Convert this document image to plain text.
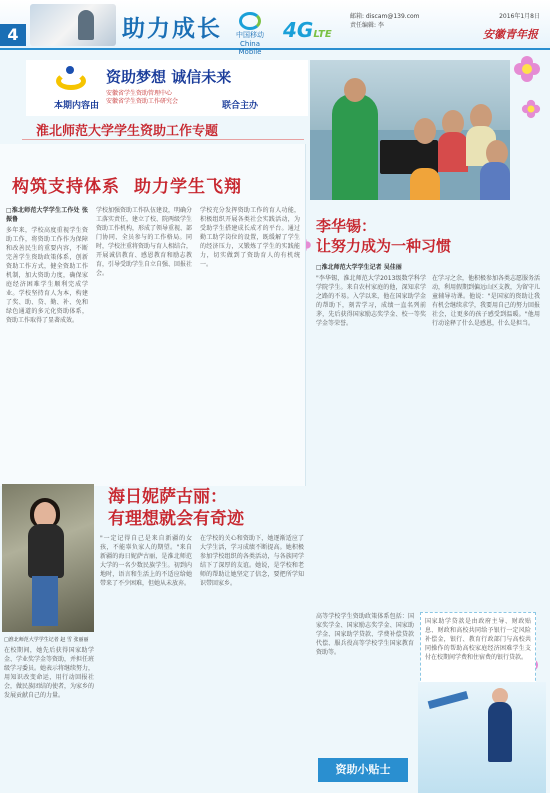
4	助力成长	中国移动
China Mobile
4GLTE
邮箱: discam@139.com	2016年1月8日
责任编辑: 李
安徽青年报
资助梦想 诚信未来
本期内容由
安徽省学生资助管理中心
安徽省学生资助工作研究会	联合主办
淮北师范大学学生资助工作专题
构筑支持体系 助力学生飞翔
□淮北师范大学学生工作处 张振鲁
多年来，学校高度重视学生资助工作，将资助工作作为保障和改善民生的重要内容，不断完善学生资助政策体系，创新资助工作方式，健全资助工作机制，加大资助力度，确保家庭经济困难学生顺利完成学业。学校坚持育人为本，构建了奖、助、贷、勤、补、免和绿色通道的多元化资助体系，资助工作取得了显著成效。
学校加强资助工作队伍建设，明确分工落实责任，建立了校、院两级学生资助工作机构，形成了领导重视、部门协同、全员参与的工作格局。同时，学校注重将资助与育人相结合，开展诚信教育、感恩教育和励志教育，引导受助学生自立自强、回报社会。
学校充分发挥资助工作的育人功能，积极组织开展各类社会实践活动，为受助学生搭建成长成才的平台。通过勤工助学岗位的设置，既缓解了学生的经济压力，又锻炼了学生的实践能力，切实做到了资助育人的有机统一。
李华锡：
让努力成为一种习惯
□淮北师范大学学生记者 吴佳丽
"李华锡，淮北师范大学2013级数学科学学院学生。来自农村家庭的他，深知求学之路的不易。入学以来，他在国家助学金的帮助下，刻苦学习，成绩一直名列前茅，先后获得国家励志奖学金、校一等奖学金等荣誉。
在学习之余，他积极参加各类志愿服务活动，利用假期到偏远山区支教，为留守儿童辅导功课。他说："是国家的资助让我有机会继续求学，我要用自己的努力回报社会，让更多的孩子感受到温暖。"他用行动诠释了什么是感恩，什么是担当。
□淮北师范大学学生记者 赵 雪 张丽丽
海日妮萨古丽：
有理想就会有奇迹
"一定记得自己是来自新疆的女孩，不能辜负家人的期望。"来自新疆的海日妮萨古丽，是淮北师范大学的一名少数民族学生。初到内地时，语言和生活上的不适应给她带来了不少困难，但她从未放弃。
在校期间，她先后获得国家助学金、学业奖学金等资助，并担任班级学习委员。她表示将继续努力，用知识改变命运，用行动回报社会，做民族团结的使者，为家乡的发展贡献自己的力量。
在学校的关心和资助下，她逐渐适应了大学生活，学习成绩不断提高。她积极参加学校组织的各类活动，与各族同学结下了深厚的友谊。她说，是学校和老师的帮助让她坚定了信念，要把所学知识带回家乡。
高等学校学生资助政策体系包括：国家奖学金、国家励志奖学金、国家助学金、国家助学贷款、学费补偿贷款代偿、服兵役高等学校学生国家教育资助等。
国家助学贷款是由政府主导、财政贴息、财政和高校共同给予银行一定风险补偿金，银行、教育行政部门与高校共同操作的帮助高校家庭经济困难学生支付在校期间学费和住宿费的银行贷款。
资助小贴士
